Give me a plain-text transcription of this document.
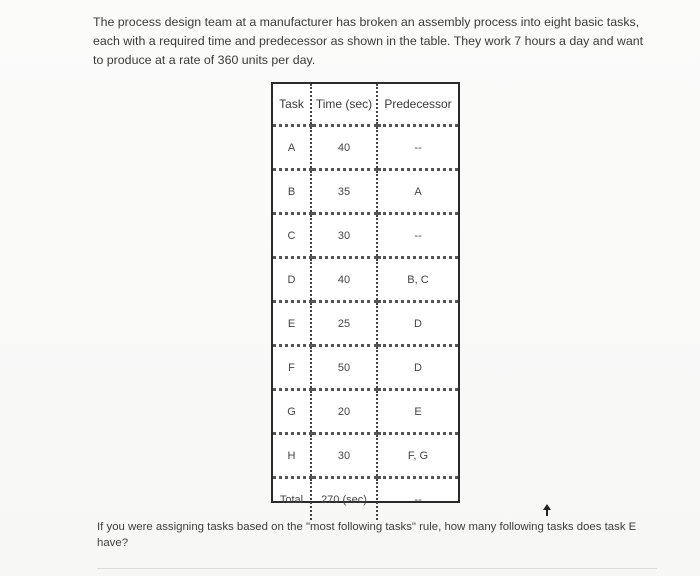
The process design team at a manufacturer has broken an assembly process into eight basic tasks, each with a required time and predecessor as shown in the table. They work 7 hours a day and want to produce at a rate of 360 units per day.

Task	Time (sec)	Predecessor
A	40	--
B	35	A
C	30	--
D	40	B, C
E	25	D
F	50	D
G	20	E
H	30	F, G
Total	270 (sec)	--

If you were assigning tasks based on the "most following tasks" rule, how many following tasks does task E have?
